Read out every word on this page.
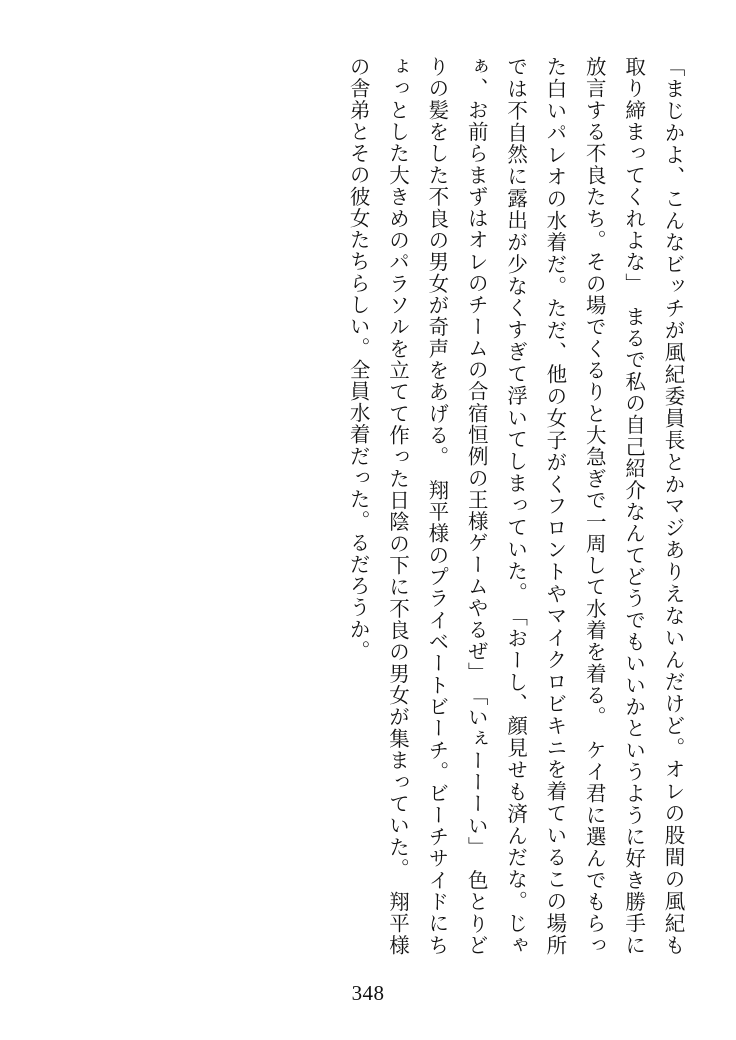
「まじかよ、こんなビッチが風紀委員長とかマジありえないんだけど。オレの股間の風紀も取り締まってくれよな」　まるで私の自己紹介なんてどうでもいいかというように好き勝手に放言する不良たち。その場でくるりと大急ぎで一周して水着を着る。　ケイ君に選んでもらった白いパレオの水着だ。ただ、他の女子がくフロントやマイクロビキニを着ているこの場所では不自然に露出が少なくすぎて浮いてしまっていた。　「おーし、顔見せも済んだな。じゃぁ、お前らまずはオレのチームの合宿恒例の王様ゲームやるぜ」　「いぇーーーい」　色とりどりの髪をした不良の男女が奇声をあげる。　翔平様のプライベートビーチ。ビーチサイドにちょっとした大きめのパラソルを立てて作った日陰の下に不良の男女が集まっていた。　翔平様の舎弟とその彼女たちらしい。全員水着だった。るだろうか。
348
